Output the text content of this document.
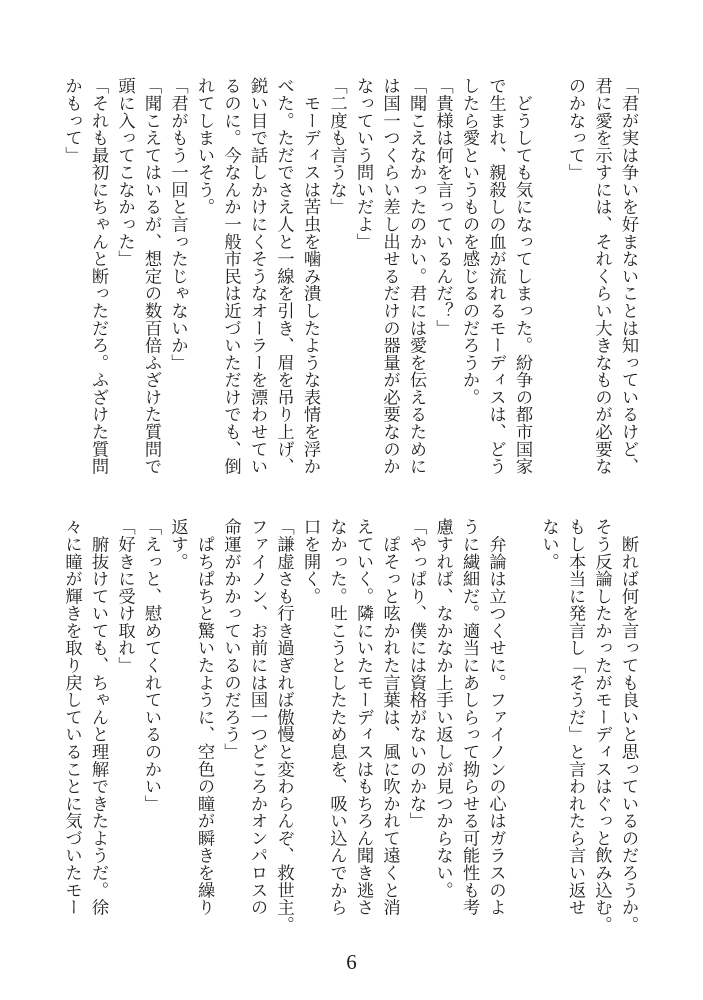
「君が実は争いを好まないことは知っているけど、
君に愛を示すには、それくらい大きなものが必要な
のかなって」
　どうしても気になってしまった。紛争の都市国家
で生まれ、親殺しの血が流れるモーディスは、どう
したら愛というものを感じるのだろうか。
「貴様は何を言っているんだ？」
「聞こえなかったのかい。君には愛を伝えるために
は国一つくらい差し出せるだけの器量が必要なのか
なっていう問いだよ」
「二度も言うな」
　モーディスは苦虫を噛み潰したような表情を浮か
べた。ただでさえ人と一線を引き、眉を吊り上げ、
鋭い目で話しかけにくそうなオーラーを漂わせてい
るのに。今なんか一般市民は近づいただけでも、倒
れてしまいそう。
「君がもう一回と言ったじゃないか」
「聞こえてはいるが、想定の数百倍ふざけた質問で
頭に入ってこなかった」
「それも最初にちゃんと断っただろ。ふざけた質問
かもって」
　断れば何を言っても良いと思っているのだろうか。
そう反論したかったがモーディスはぐっと飲み込む。
もし本当に発言し「そうだ」と言われたら言い返せ
ない。
　弁論は立つくせに。ファイノンの心はガラスのよ
うに繊細だ。適当にあしらって拗らせる可能性も考
慮すれば、なかなか上手い返しが見つからない。
「やっぱり、僕には資格がないのかな」
　ぽそっと呟かれた言葉は、風に吹かれて遠くと消
えていく。隣にいたモーディスはもちろん聞き逃さ
なかった。吐こうとしたため息を、吸い込んでから
口を開く。
「謙虚さも行き過ぎれば傲慢と変わらんぞ、救世主。
ファイノン、お前には国一つどころかオンパロスの
命運がかかっているのだろう」
　ぱちぱちと驚いたように、空色の瞳が瞬きを繰り
返す。
「えっと、慰めてくれているのかい」
「好きに受け取れ」
　腑抜けていても、ちゃんと理解できたようだ。徐
々に瞳が輝きを取り戻していることに気づいたモー
6
